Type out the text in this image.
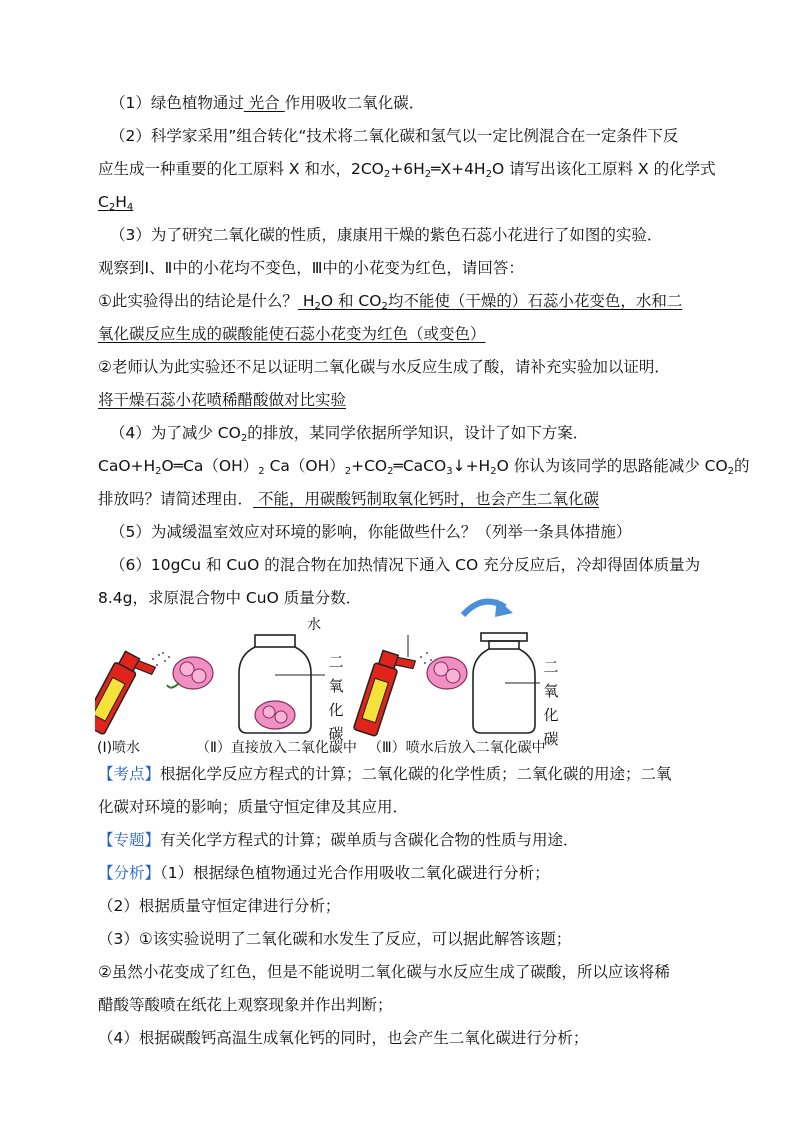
（1）绿色植物通过 光合 作用吸收二氧化碳．
（2）科学家采用”组合转化“技术将二氧化碳和氢气以一定比例混合在一定条件下反
应生成一种重要的化工原料 X 和水，$2CO_2+6H_2═X+4H_2O$ 请写出该化工原料 X 的化学式
$C_2H_4$
（3）为了研究二氧化碳的性质，康康用干燥的紫色石蕊小花进行了如图的实验．
观察到Ⅰ、Ⅱ中的小花均不变色，Ⅲ中的小花变为红色，请回答：
①此实验得出的结论是什么？ $H_2O$ 和 $CO_2$均不能使（干燥的）石蕊小花变色，水和二
氧化碳反应生成的碳酸能使石蕊小花变为红色（或变色）
②老师认为此实验还不足以证明二氧化碳与水反应生成了酸，请补充实验加以证明．
将干燥石蕊小花喷稀醋酸做对比实验
（4）为了减少 $CO_2$的排放，某同学依据所学知识，设计了如下方案．
$CaO+H_2O═Ca(OH)_2$ $Ca(OH)_2+CO_2═CaCO_3↓+H_2O$ 你认为该同学的思路能减少 $CO_2$的
排放吗？请简述理由． 不能，用碳酸钙制取氧化钙时，也会产生二氧化碳
（5）为减缓温室效应对环境的影响，你能做些什么？（列举一条具体措施）
（6）10gCu 和 CuO 的混合物在加热情况下通入 CO 充分反应后，冷却得固体质量为
8.4g，求原混合物中 CuO 质量分数．
水
二
氧
化
碳
二
氧
化
碳
(I)喷水	（Ⅱ）直接放入二氧化碳中 （Ⅲ）喷水后放入二氧化碳中
【考点】根据化学反应方程式的计算；二氧化碳的化学性质；二氧化碳的用途；二氧
化碳对环境的影响；质量守恒定律及其应用．
【专题】有关化学方程式的计算；碳单质与含碳化合物的性质与用途．
【分析】（1）根据绿色植物通过光合作用吸收二氧化碳进行分析；
（2）根据质量守恒定律进行分析；
（3）①该实验说明了二氧化碳和水发生了反应，可以据此解答该题；
②虽然小花变成了红色，但是不能说明二氧化碳与水反应生成了碳酸，所以应该将稀
醋酸等酸喷在纸花上观察现象并作出判断；
（4）根据碳酸钙高温生成氧化钙的同时，也会产生二氧化碳进行分析；
